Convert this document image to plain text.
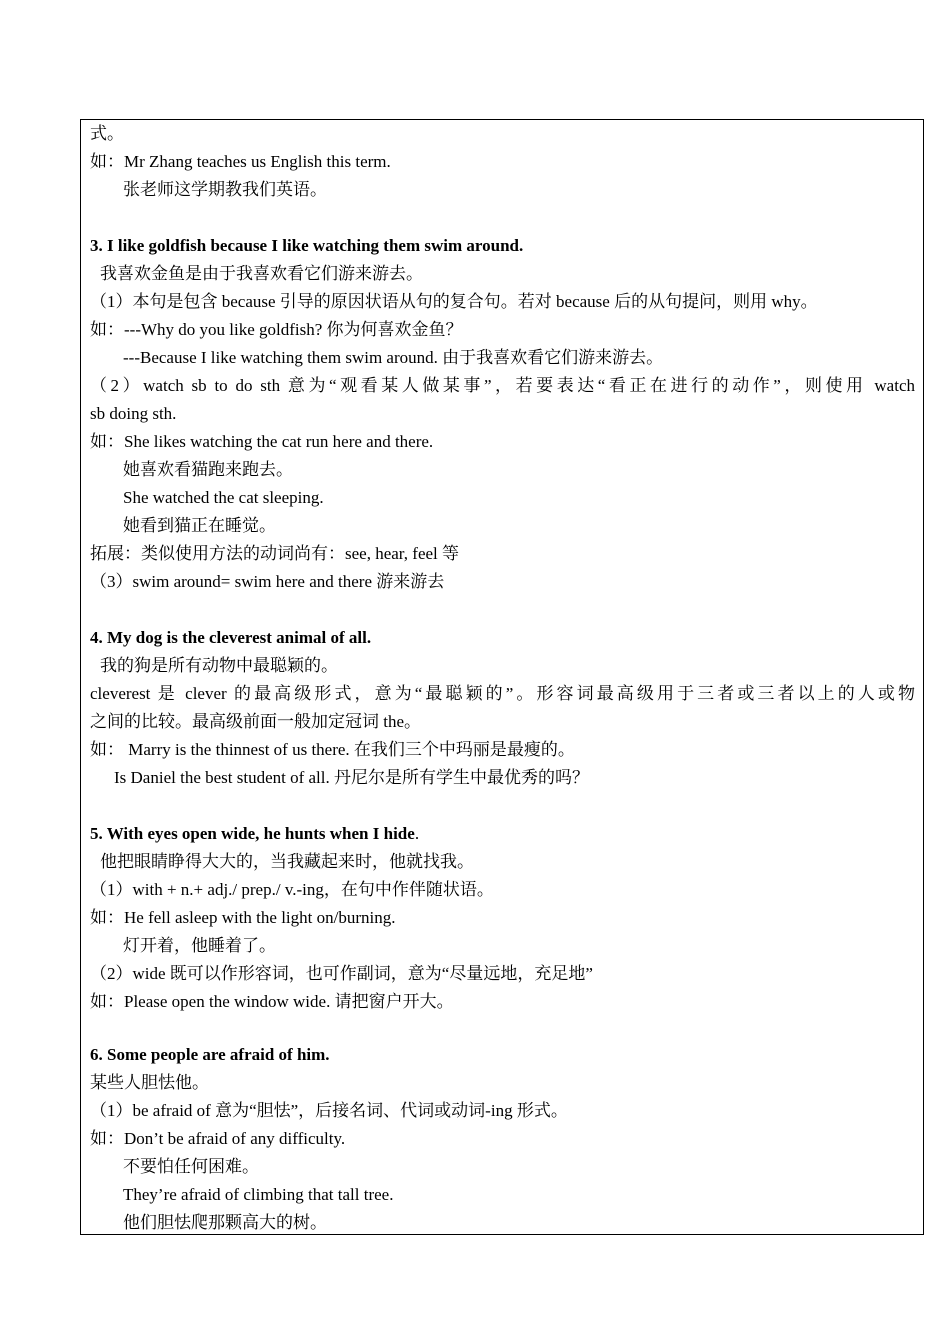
式。
如：Mr Zhang teaches us English this term.
张老师这学期教我们英语。
3. I like goldfish because I like watching them swim around.
我喜欢金鱼是由于我喜欢看它们游来游去。
（1）本句是包含 because 引导的原因状语从句的复合句。若对 because 后的从句提问，则用 why。
如：---Why do you like goldfish? 你为何喜欢金鱼？
---Because I like watching them swim around. 由于我喜欢看它们游来游去。
（2）watch sb to do sth 意为“观看某人做某事”，若要表达“看正在进行的动作”，则使用 watch
sb doing sth.
如：She likes watching the cat run here and there.
她喜欢看猫跑来跑去。
She watched the cat sleeping.
她看到猫正在睡觉。
拓展：类似使用方法的动词尚有：see, hear, feel 等
（3）swim around= swim here and there 游来游去
4. My dog is the cleverest animal of all.
我的狗是所有动物中最聪颖的。
cleverest 是 clever 的最高级形式，意为“最聪颖的”。形容词最高级用于三者或三者以上的人或物
之间的比较。最高级前面一般加定冠词 the。
如： Marry is the thinnest of us there. 在我们三个中玛丽是最瘦的。
Is Daniel the best student of all. 丹尼尔是所有学生中最优秀的吗？
5. With eyes open wide, he hunts when I hide.
他把眼睛睁得大大的，当我藏起来时，他就找我。
（1）with + n.+ adj./ prep./ v.-ing，在句中作伴随状语。
如：He fell asleep with the light on/burning.
灯开着，他睡着了。
（2）wide 既可以作形容词，也可作副词，意为“尽量远地，充足地”
如：Please open the window wide. 请把窗户开大。
6. Some people are afraid of him.
某些人胆怯他。
（1）be afraid of 意为“胆怯”，后接名词、代词或动词-ing 形式。
如：Don’t be afraid of any difficulty.
不要怕任何困难。
They’re afraid of climbing that tall tree.
他们胆怯爬那颗高大的树。
